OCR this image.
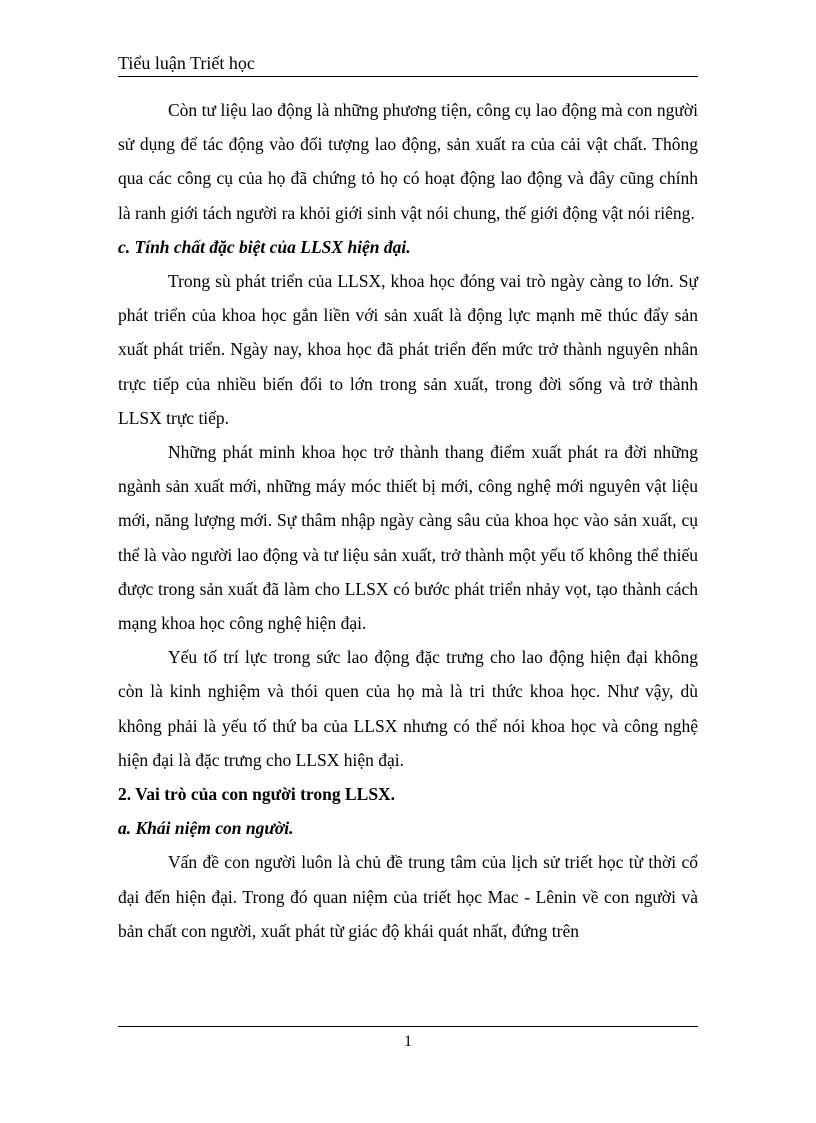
Tiểu luận Triết học

Còn tư liệu lao động là những phương tiện, công cụ lao động mà con người sử dụng để tác động vào đối tượng lao động, sản xuất ra của cải vật chất. Thông qua các công cụ của họ đã chứng tỏ họ có hoạt động lao động và đây cũng chính là ranh giới tách người ra khỏi giới sinh vật nói chung, thế giới động vật nói riêng.

c. Tính chất đặc biệt của LLSX hiện đại.

Trong sù phát triển của LLSX, khoa học đóng vai trò ngày càng to lớn. Sự phát triển của khoa học gắn liền với sản xuất là động lực mạnh mẽ thúc đẩy sản xuất phát triển. Ngày nay, khoa học đã phát triển đến mức trở thành nguyên nhân trực tiếp của nhiều biến đổi to lớn trong sản xuất, trong đời sống và trở thành LLSX trực tiếp.

Những phát minh khoa học trở thành thang điểm xuất phát ra đời những ngành sản xuất mới, những máy móc thiết bị mới, công nghệ mới nguyên vật liệu mới, năng lượng mới. Sự thâm nhập ngày càng sâu của khoa học vào sản xuất, cụ thể là vào người lao động và tư liệu sản xuất, trở thành một yếu tố không thể thiếu được trong sản xuất đã làm cho LLSX có bước phát triển nhảy vọt, tạo thành cách mạng khoa học công nghệ hiện đại.

Yếu tố trí lực trong sức lao động đặc trưng cho lao động hiện đại không còn là kinh nghiệm và thói quen của họ mà là tri thức khoa học. Như vậy, dù không phải là yếu tố thứ ba của LLSX nhưng có thể nói khoa học và công nghệ hiện đại là đặc trưng cho LLSX hiện đại.

2. Vai trò của con người trong LLSX.
a. Khái niệm con người.

Vấn đề con người luôn là chủ đề trung tâm của lịch sử triết học từ thời cổ đại đến hiện đại. Trong đó quan niệm của triết học Mac - Lênin về con người và bản chất con người, xuất phát từ giác độ khái quát nhất, đứng trên

1
